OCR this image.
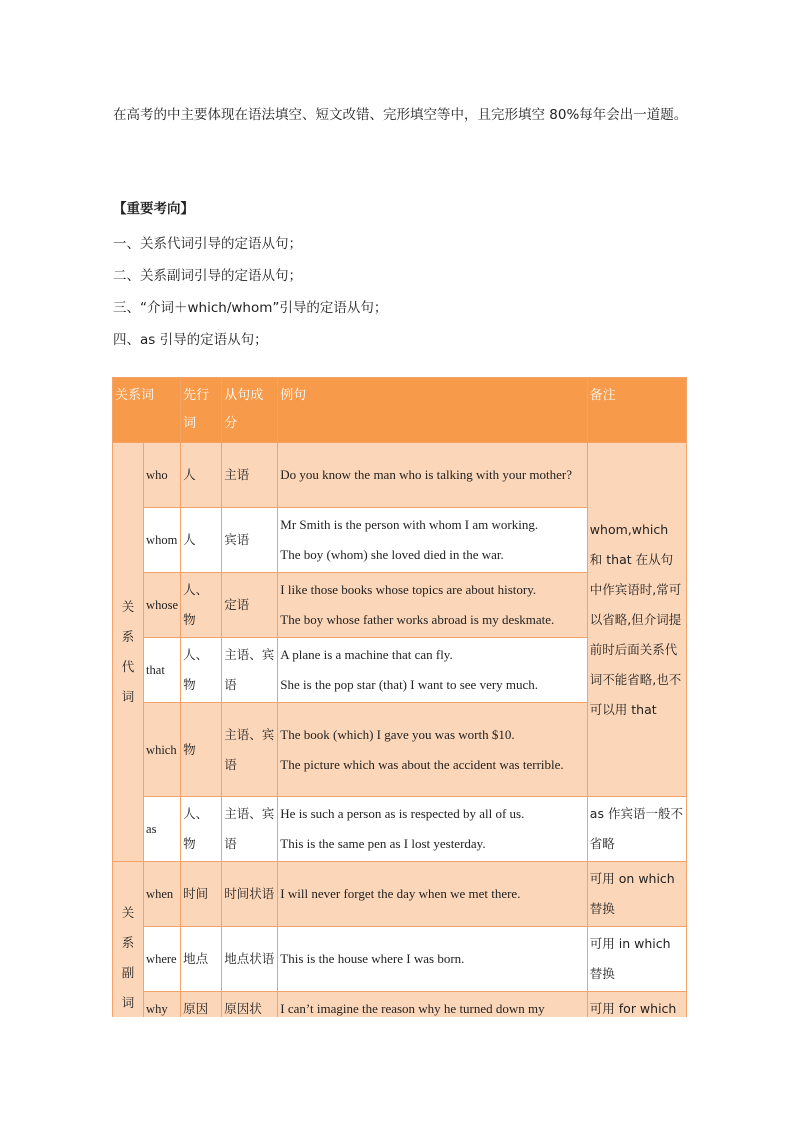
在高考的中主要体现在语法填空、短文改错、完形填空等中，且完形填空 80%每年会出一道题。
【重要考向】
一、关系代词引导的定语从句；
二、关系副词引导的定语从句；
三、“介词＋which/whom”引导的定语从句；
四、as 引导的定语从句；
关系词		先行词	从句成分	例句	备注
关系代词	who	人	主语	Do you know the man who is talking with your mother?	whom,which 和 that 在从句中作宾语时,常可以省略,但介词提前时后面关系代词不能省略,也不可以用 that
	whom	人	宾语	Mr Smith is the person with whom I am working.
The boy (whom) she loved died in the war.	

	whose	人、物	定语	I like those books whose topics are about history.
The boy whose father works abroad is my deskmate.	

	that	人、物	主语、宾语	A plane is a machine that can fly.
She is the pop star (that) I want to see very much.	

	which	物	主语、宾语	The book (which) I gave you was worth $10.
The picture which was about the accident was terrible.	

	as	人、物	主语、宾语	He is such a person as is respected by all of us.
This is the same pen as I lost yesterday.	as 作宾语一般不省略
关系副词	when	时间	时间状语	I will never forget the day when we met there.	可用 on which 替换
	where	地点	地点状语	This is the house where I was born.	可用 in which 替换
	why	原因	原因状	I can’t imagine the reason why he turned down my	可用 for which
